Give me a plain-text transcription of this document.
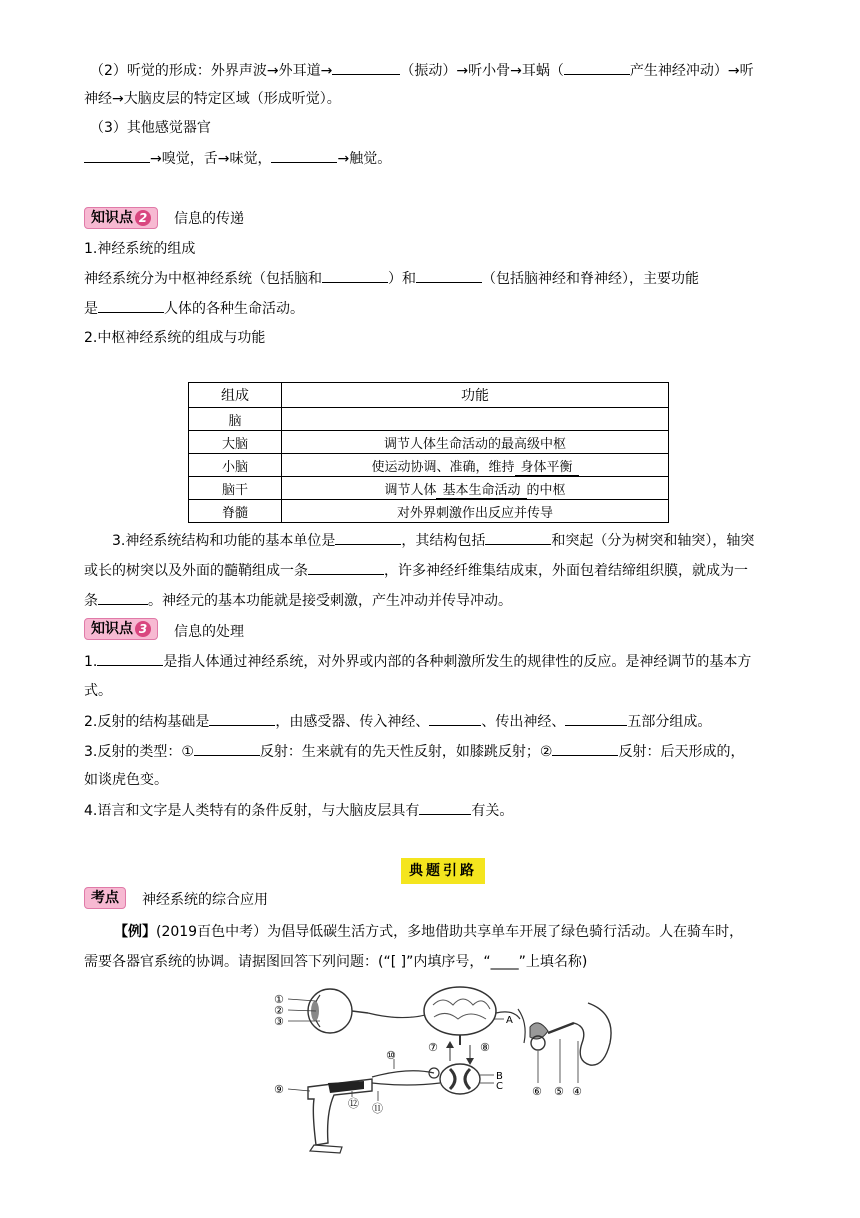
（2）听觉的形成：外界声波→外耳道→	（振动）→听小骨→耳蜗（	产生神经冲动）→听
神经→大脑皮层的特定区域（形成听觉）。
（3）其他感觉器官
→嗅觉，舌→味觉，	→触觉。
知识点 2	信息的传递
1.神经系统的组成
神经系统分为中枢神经系统（包括脑和	）和	（包括脑神经和脊神经），主要功能
是	人体的各种生命活动。
2.中枢神经系统的组成与功能
组成	功能
脑	
大脑	调节人体生命活动的最高级中枢
小脑	使运动协调、准确，维持 身体平衡
脑干	调节人体 基本生命活动 的中枢
脊髓	对外界刺激作出反应并传导
3.神经系统结构和功能的基本单位是	，其结构包括	和突起（分为树突和轴突），轴突
或长的树突以及外面的髓鞘组成一条	，许多神经纤维集结成束，外面包着结缔组织膜，就成为一
条	。神经元的基本功能就是接受刺激，产生冲动并传导冲动。
知识点 3	信息的处理
1.	是指人体通过神经系统，对外界或内部的各种刺激所发生的规律性的反应。是神经调节的基本方
式。
2.反射的结构基础是	，由感受器、传入神经、	、传出神经、	五部分组成。
3.反射的类型：①	反射：生来就有的先天性反射，如膝跳反射；②	反射：后天形成的，
如谈虎色变。
4.语言和文字是人类特有的条件反射，与大脑皮层具有	有关。
典题引路
考点	神经系统的综合应用
【例】(2019百色中考）为倡导低碳生活方式，多地借助共享单车开展了绿色骑行活动。人在骑车时，
需要各器官系统的协调。请据图回答下列问题：(“[ ]”内填序号，“____”上填名称)
①
②
③	A
⑥ ⑤ ④
⑦	⑧
B
C
⑩
⑨
⑪
⑫
